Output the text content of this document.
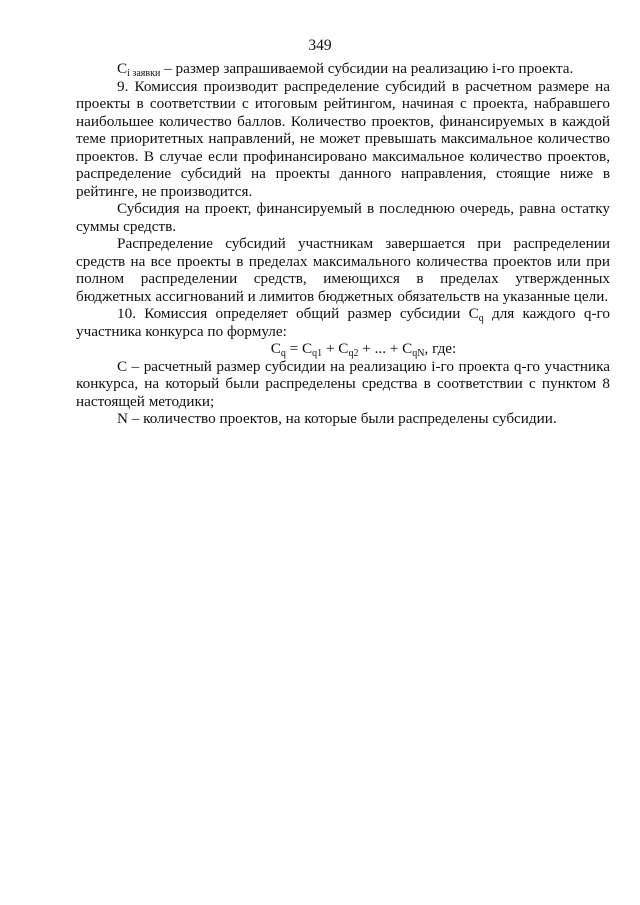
349

$C_{i заявки}$ – размер запрашиваемой субсидии на реализацию i-го проекта.

9. Комиссия производит распределение субсидий в расчетном размере на проекты в соответствии с итоговым рейтингом, начиная с проекта, набравшего наибольшее количество баллов. Количество проектов, финансируемых в каждой теме приоритетных направлений, не может превышать максимальное количество проектов. В случае если профинансировано максимальное количество проектов, распределение субсидий на проекты данного направления, стоящие ниже в рейтинге, не производится.

Субсидия на проект, финансируемый в последнюю очередь, равна остатку суммы средств.

Распределение субсидий участникам завершается при распределении средств на все проекты в пределах максимального количества проектов или при полном распределении средств, имеющихся в пределах утвержденных бюджетных ассигнований и лимитов бюджетных обязательств на указанные цели.

10. Комиссия определяет общий размер субсидии $C_q$ для каждого q-го участника конкурса по формуле:

$C_q = C_{q1} + C_{q2}$ + ... + $C_{qN}$, где:

C – расчетный размер субсидии на реализацию i-го проекта q-го участника конкурса, на который были распределены средства в соответствии с пунктом 8 настоящей методики;

N – количество проектов, на которые были распределены субсидии.
